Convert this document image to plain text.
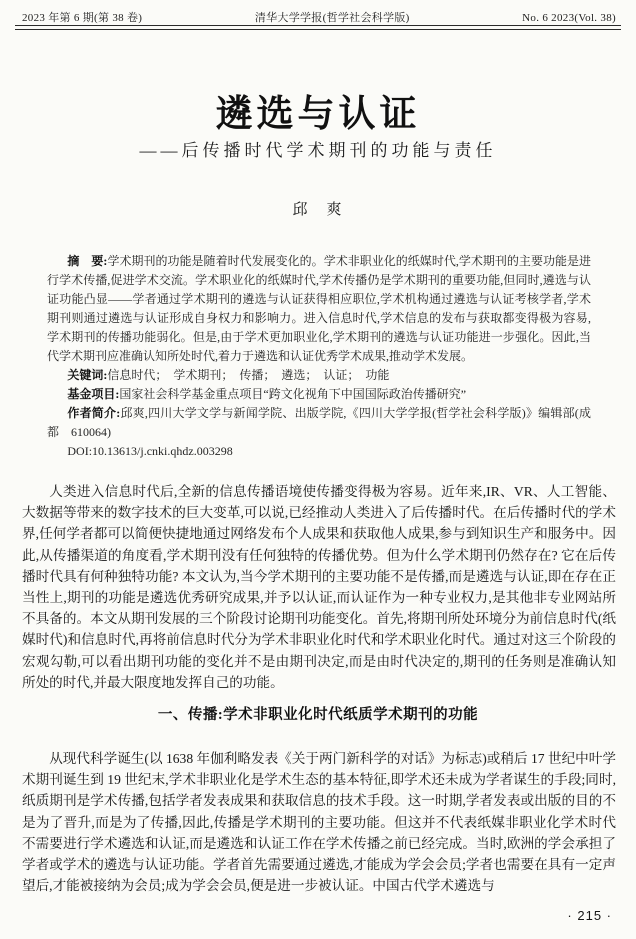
2023 年第 6 期(第 38 卷)	清华大学学报(哲学社会科学版)	No. 6 2023(Vol. 38)
遴选与认证
——后传播时代学术期刊的功能与责任
邱　爽

摘　要:学术期刊的功能是随着时代发展变化的。学术非职业化的纸媒时代,学术期刊的主要功能是进行学术传播,促进学术交流。学术职业化的纸媒时代,学术传播仍是学术期刊的重要功能,但同时,遴选与认证功能凸显——学者通过学术期刊的遴选与认证获得相应职位,学术机构通过遴选与认证考核学者,学术期刊则通过遴选与认证形成自身权力和影响力。进入信息时代,学术信息的发布与获取都变得极为容易,学术期刊的传播功能弱化。但是,由于学术更加职业化,学术期刊的遴选与认证功能进一步强化。因此,当代学术期刊应准确认知所处时代,着力于遴选和认证优秀学术成果,推动学术发展。

关键词:信息时代；　学术期刊；　传播；　遴选；　认证；　功能

基金项目:国家社会科学基金重点项目“跨文化视角下中国国际政治传播研究”

作者简介:邱爽,四川大学文学与新闻学院、出版学院,《四川大学学报(哲学社会科学版)》编辑部(成都　610064)

DOI:10.13613/j.cnki.qhdz.003298

人类进入信息时代后,全新的信息传播语境使传播变得极为容易。近年来,IR、VR、人工智能、大数据等带来的数字技术的巨大变革,可以说,已经推动人类进入了后传播时代。在后传播时代的学术界,任何学者都可以简便快捷地通过网络发布个人成果和获取他人成果,参与到知识生产和服务中。因此,从传播渠道的角度看,学术期刊没有任何独特的传播优势。但为什么学术期刊仍然存在? 它在后传播时代具有何种独特功能? 本文认为,当今学术期刊的主要功能不是传播,而是遴选与认证,即在存在正当性上,期刊的功能是遴选优秀研究成果,并予以认证,而认证作为一种专业权力,是其他非专业网站所不具备的。本文从期刊发展的三个阶段讨论期刊功能变化。首先,将期刊所处环境分为前信息时代(纸媒时代)和信息时代,再将前信息时代分为学术非职业化时代和学术职业化时代。通过对这三个阶段的宏观勾勒,可以看出期刊功能的变化并不是由期刊决定,而是由时代决定的,期刊的任务则是准确认知所处的时代,并最大限度地发挥自己的功能。

一、传播:学术非职业化时代纸质学术期刊的功能

从现代科学诞生(以 1638 年伽利略发表《关于两门新科学的对话》为标志)或稍后 17 世纪中叶学术期刊诞生到 19 世纪末,学术非职业化是学术生态的基本特征,即学术还未成为学者谋生的手段;同时,纸质期刊是学术传播,包括学者发表成果和获取信息的技术手段。这一时期,学者发表或出版的目的不是为了晋升,而是为了传播,因此,传播是学术期刊的主要功能。但这并不代表纸媒非职业化学术时代不需要进行学术遴选和认证,而是遴选和认证工作在学术传播之前已经完成。当时,欧洲的学会承担了学者或学术的遴选与认证功能。学者首先需要通过遴选,才能成为学会会员;学者也需要在具有一定声望后,才能被接纳为会员;成为学会会员,便是进一步被认证。中国古代学术遴选与

· 215 ·
